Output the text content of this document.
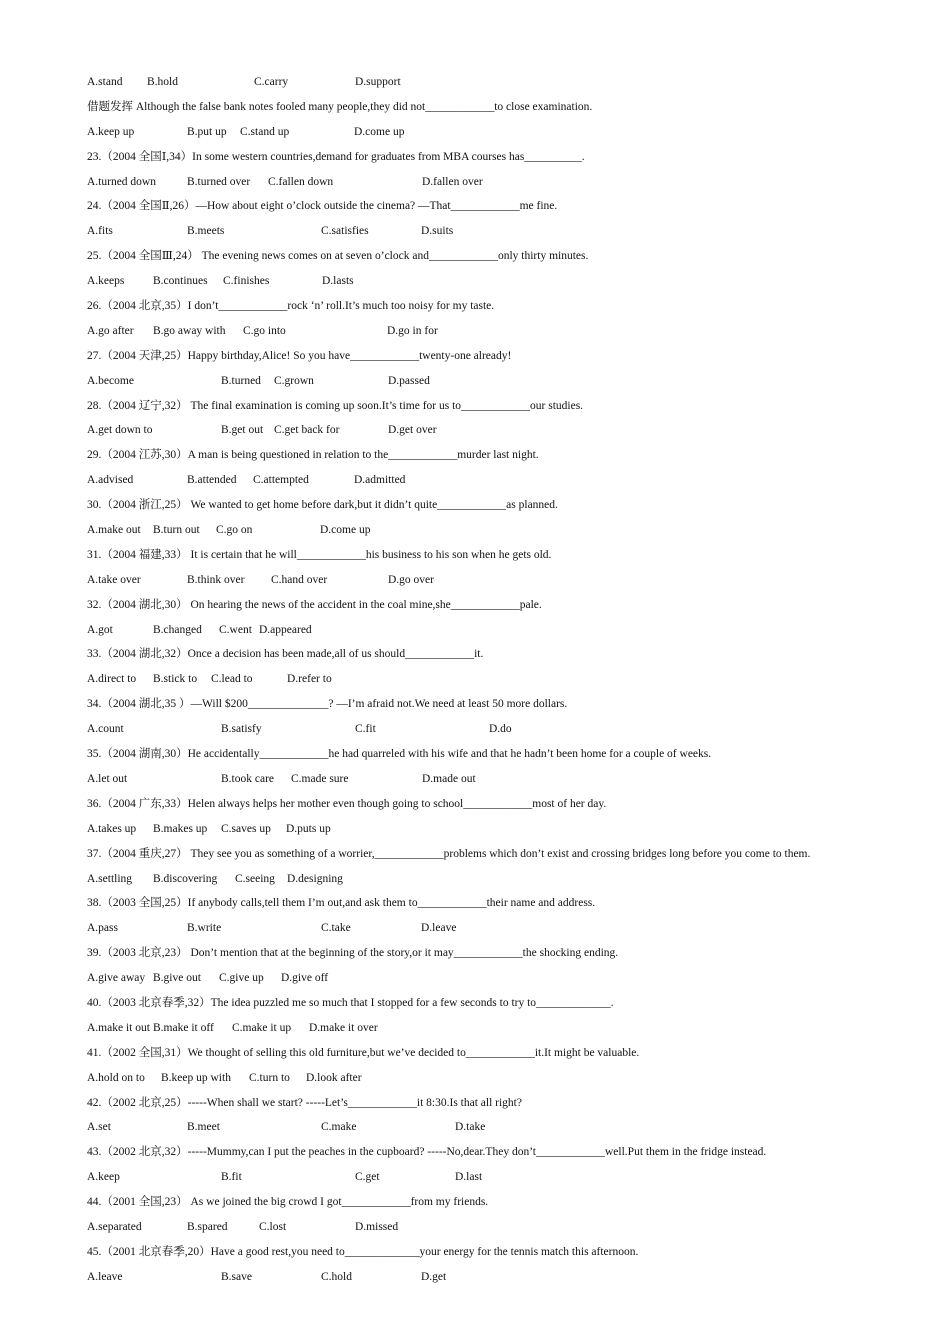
A.stand B.hold	C.carry	D.support
借题发挥 Although the false bank notes fooled many people,they did not____________to close examination.
A.keep up	B.put up C.stand up	D.come up
23.（2004 全国Ⅰ,34）In some western countries,demand for graduates from MBA courses has__________.
A.turned down	B.turned over C.fallen down	D.fallen over
24.（2004 全国Ⅱ,26）—How about eight o’clock outside the cinema? —That____________me fine.
A.fits	B.meets	C.satisfies	D.suits
25.（2004 全国Ⅲ,24） The evening news comes on at seven o’clock and____________only thirty minutes.
A.keeps B.continues C.finishes	D.lasts
26.（2004 北京,35）I don’t____________rock ‘n’ roll.It’s much too noisy for my taste.
A.go after B.go away with C.go into	D.go in for
27.（2004 天津,25）Happy birthday,Alice! So you have____________twenty-one already!
A.become	B.turned C.grown	D.passed
28.（2004 辽宁,32） The final examination is coming up soon.It’s time for us to____________our studies.
A.get down to	B.get out C.get back for	D.get over
29.（2004 江苏,30）A man is being questioned in relation to the____________murder last night.
A.advised	B.attended C.attempted	D.admitted
30.（2004 浙江,25） We wanted to get home before dark,but it didn’t quite____________as planned.
A.make out B.turn out C.go on	D.come up
31.（2004 福建,33） It is certain that he will____________his business to his son when he gets old.
A.take over	B.think over C.hand over	D.go over
32.（2004 湖北,30） On hearing the news of the accident in the coal mine,she____________pale.
A.got	B.changed C.went D.appeared
33.（2004 湖北,32）Once a decision has been made,all of us should____________it.
A.direct to B.stick to C.lead to	D.refer to
34.（2004 湖北,35 ）—Will $200______________? —I’m afraid not.We need at least 50 more dollars.
A.count	B.satisfy	C.fit	D.do
35.（2004 湖南,30）He accidentally____________he had quarreled with his wife and that he hadn’t been home for a couple of weeks.
A.let out	B.took care C.made sure	D.made out
36.（2004 广东,33）Helen always helps her mother even though going to school____________most of her day.
A.takes up B.makes up C.saves up D.puts up
37.（2004 重庆,27） They see you as something of a worrier,____________problems which don’t exist and crossing bridges long before you come to them.
A.settling B.discovering C.seeing D.designing
38.（2003 全国,25）If anybody calls,tell them I’m out,and ask them to____________their name and address.
A.pass	B.write	C.take	D.leave
39.（2003 北京,23） Don’t mention that at the beginning of the story,or it may____________the shocking ending.
A.give away B.give out C.give up D.give off
40.（2003 北京春季,32）The idea puzzled me so much that I stopped for a few seconds to try to_____________.
A.make it out B.make it off C.make it up D.make it over
41.（2002 全国,31）We thought of selling this old furniture,but we’ve decided to____________it.It might be valuable.
A.hold on to B.keep up with C.turn to D.look after
42.（2002 北京,25）-----When shall we start? -----Let’s____________it 8:30.Is that all right?
A.set	B.meet	C.make	D.take
43.（2002 北京,32）-----Mummy,can I put the peaches in the cupboard? -----No,dear.They don’t____________well.Put them in the fridge instead.
A.keep	B.fit	C.get	D.last
44.（2001 全国,23） As we joined the big crowd I got____________from my friends.
A.separated	B.spared	C.lost	D.missed
45.（2001 北京春季,20）Have a good rest,you need to_____________your energy for the tennis match this afternoon.
A.leave	B.save	C.hold	D.get
